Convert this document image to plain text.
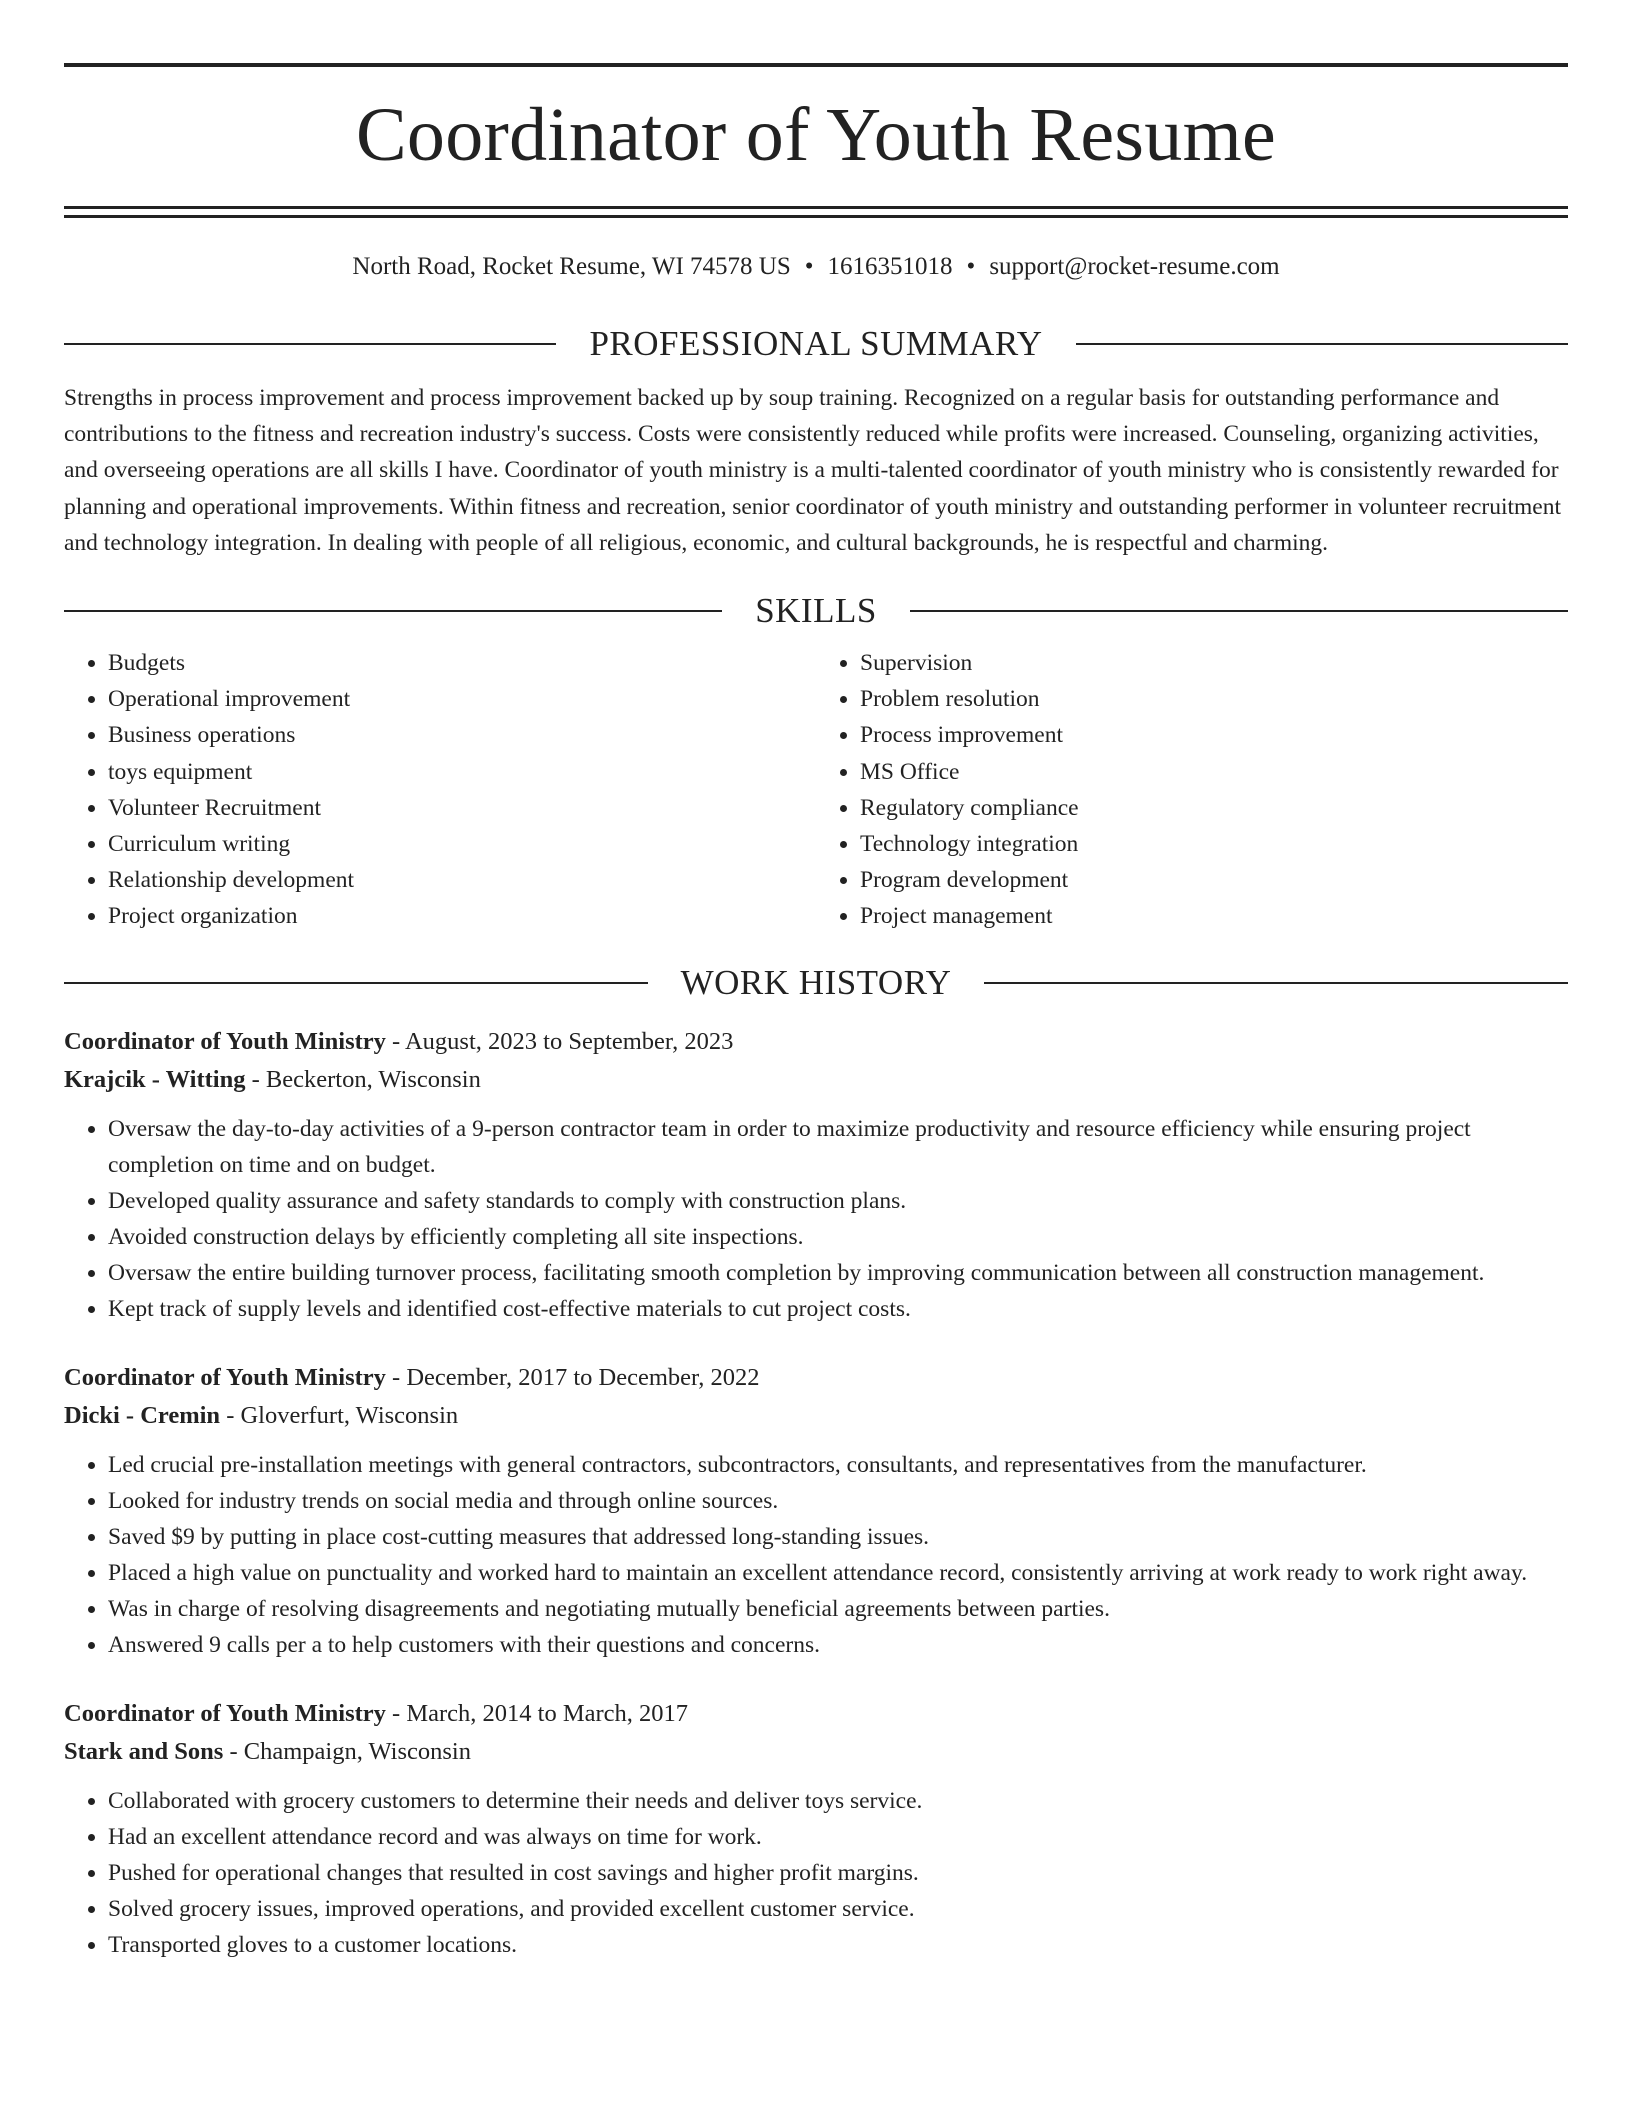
Coordinator of Youth Resume
North Road, Rocket Resume, WI 74578 US • 1616351018 • support@rocket-resume.com
PROFESSIONAL SUMMARY
Strengths in process improvement and process improvement backed up by soup training. Recognized on a regular basis for outstanding performance and contributions to the fitness and recreation industry's success. Costs were consistently reduced while profits were increased. Counseling, organizing activities, and overseeing operations are all skills I have. Coordinator of youth ministry is a multi-talented coordinator of youth ministry who is consistently rewarded for planning and operational improvements. Within fitness and recreation, senior coordinator of youth ministry and outstanding performer in volunteer recruitment and technology integration. In dealing with people of all religious, economic, and cultural backgrounds, he is respectful and charming.
SKILLS
• Budgets
• Operational improvement
• Business operations
• toys equipment
• Volunteer Recruitment
• Curriculum writing
• Relationship development
• Project organization
• Supervision
• Problem resolution
• Process improvement
• MS Office
• Regulatory compliance
• Technology integration
• Program development
• Project management
WORK HISTORY
Coordinator of Youth Ministry - August, 2023 to September, 2023
Krajcik - Witting - Beckerton, Wisconsin
• Oversaw the day-to-day activities of a 9-person contractor team in order to maximize productivity and resource efficiency while ensuring project completion on time and on budget.
• Developed quality assurance and safety standards to comply with construction plans.
• Avoided construction delays by efficiently completing all site inspections.
• Oversaw the entire building turnover process, facilitating smooth completion by improving communication between all construction management.
• Kept track of supply levels and identified cost-effective materials to cut project costs.
Coordinator of Youth Ministry - December, 2017 to December, 2022
Dicki - Cremin - Gloverfurt, Wisconsin
• Led crucial pre-installation meetings with general contractors, subcontractors, consultants, and representatives from the manufacturer.
• Looked for industry trends on social media and through online sources.
• Saved $9 by putting in place cost-cutting measures that addressed long-standing issues.
• Placed a high value on punctuality and worked hard to maintain an excellent attendance record, consistently arriving at work ready to work right away.
• Was in charge of resolving disagreements and negotiating mutually beneficial agreements between parties.
• Answered 9 calls per a to help customers with their questions and concerns.
Coordinator of Youth Ministry - March, 2014 to March, 2017
Stark and Sons - Champaign, Wisconsin
• Collaborated with grocery customers to determine their needs and deliver toys service.
• Had an excellent attendance record and was always on time for work.
• Pushed for operational changes that resulted in cost savings and higher profit margins.
• Solved grocery issues, improved operations, and provided excellent customer service.
• Transported gloves to a customer locations.
